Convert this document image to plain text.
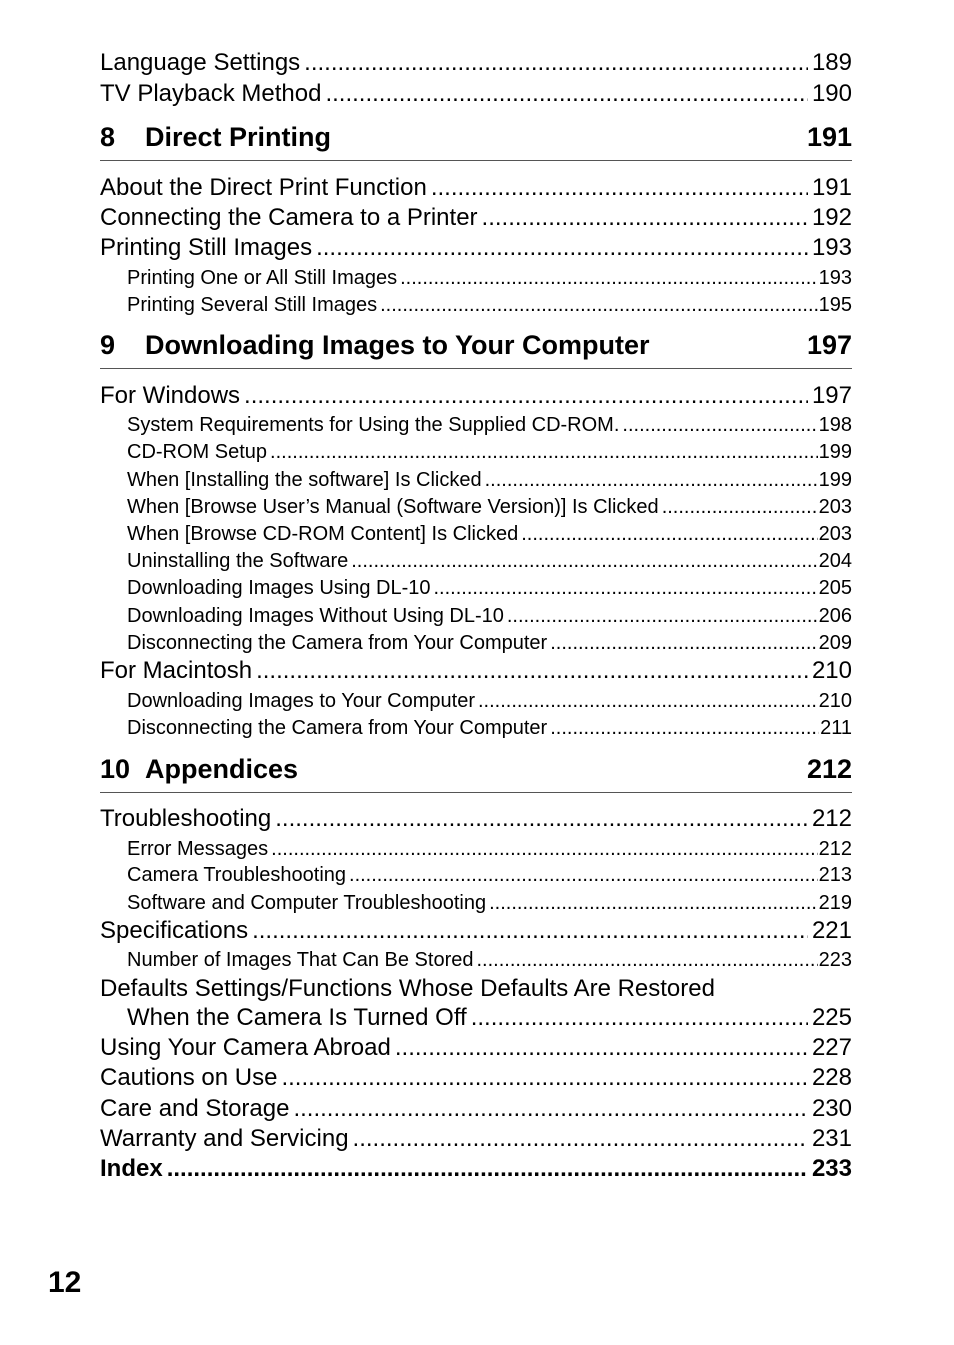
Language Settings .....	189
TV Playback Method .....	190
8	Direct Printing	191
About the Direct Print Function .....	191
Connecting the Camera to a Printer .....	192
Printing Still Images .....	193
Printing One or All Still Images .....	193
Printing Several Still Images .....	195
9	Downloading Images to Your Computer	197
For Windows .....	197
System Requirements for Using the Supplied CD-ROM. .....	198
CD-ROM Setup .....	199
When [Installing the software] Is Clicked .....	199
When [Browse User’s Manual (Software Version)] Is Clicked .....	203
When [Browse CD-ROM Content] Is Clicked .....	203
Uninstalling the Software .....	204
Downloading Images Using DL-10 .....	205
Downloading Images Without Using DL-10 .....	206
Disconnecting the Camera from Your Computer .....	209
For Macintosh .....	210
Downloading Images to Your Computer .....	210
Disconnecting the Camera from Your Computer .....	211
10 Appendices	212
Troubleshooting .....	212
Error Messages .....	212
Camera Troubleshooting .....	213
Software and Computer Troubleshooting .....	219
Specifications .....	221
Number of Images That Can Be Stored .....	223
Defaults Settings/Functions Whose Defaults Are Restored
When the Camera Is Turned Off .....	225
Using Your Camera Abroad .....	227
Cautions on Use .....	228
Care and Storage .....	230
Warranty and Servicing .....	231
Index .....	233
12
